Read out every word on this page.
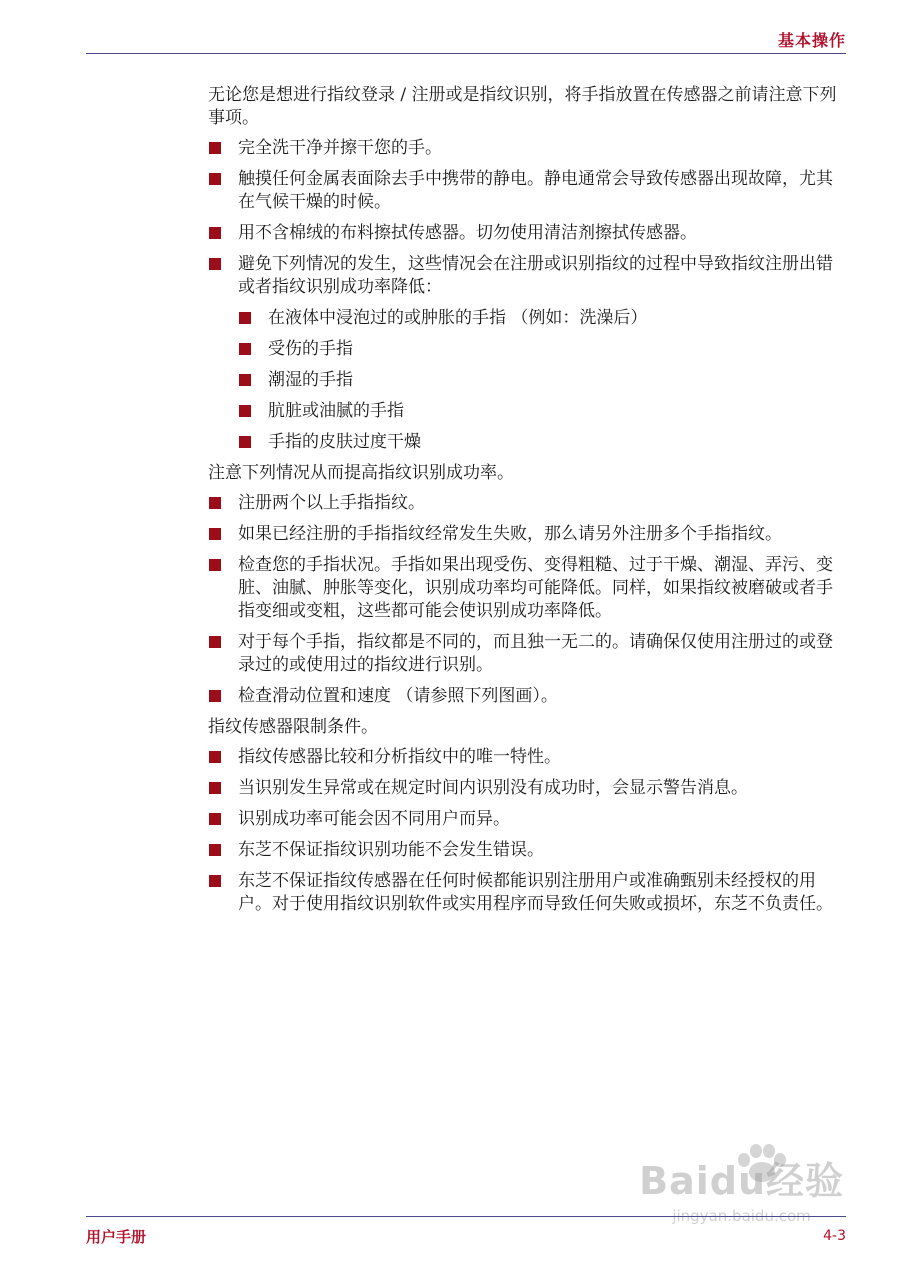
基本操作

无论您是想进行指纹登录 / 注册或是指纹识别，将手指放置在传感器之前请注意下列事项。

完全洗干净并擦干您的手。
触摸任何金属表面除去手中携带的静电。静电通常会导致传感器出现故障，尤其在气候干燥的时候。
用不含棉绒的布料擦拭传感器。切勿使用清洁剂擦拭传感器。
避免下列情况的发生，这些情况会在注册或识别指纹的过程中导致指纹注册出错或者指纹识别成功率降低：
在液体中浸泡过的或肿胀的手指 （例如：洗澡后）
受伤的手指
潮湿的手指
肮脏或油腻的手指
手指的皮肤过度干燥

注意下列情况从而提高指纹识别成功率。

注册两个以上手指指纹。
如果已经注册的手指指纹经常发生失败，那么请另外注册多个手指指纹。
检查您的手指状况。手指如果出现受伤、变得粗糙、过于干燥、潮湿、弄污、变脏、油腻、肿胀等变化，识别成功率均可能降低。同样，如果指纹被磨破或者手指变细或变粗，这些都可能会使识别成功率降低。
对于每个手指，指纹都是不同的，而且独一无二的。请确保仅使用注册过的或登录过的或使用过的指纹进行识别。
检查滑动位置和速度 （请参照下列图画）。

指纹传感器限制条件。

指纹传感器比较和分析指纹中的唯一特性。
当识别发生异常或在规定时间内识别没有成功时，会显示警告消息。
识别成功率可能会因不同用户而异。
东芝不保证指纹识别功能不会发生错误。
东芝不保证指纹传感器在任何时候都能识别注册用户或准确甄别未经授权的用户。对于使用指纹识别软件或实用程序而导致任何失败或损坏，东芝不负责任。
Baidu经验
jingyan.baidu.com
用户手册	4-3
